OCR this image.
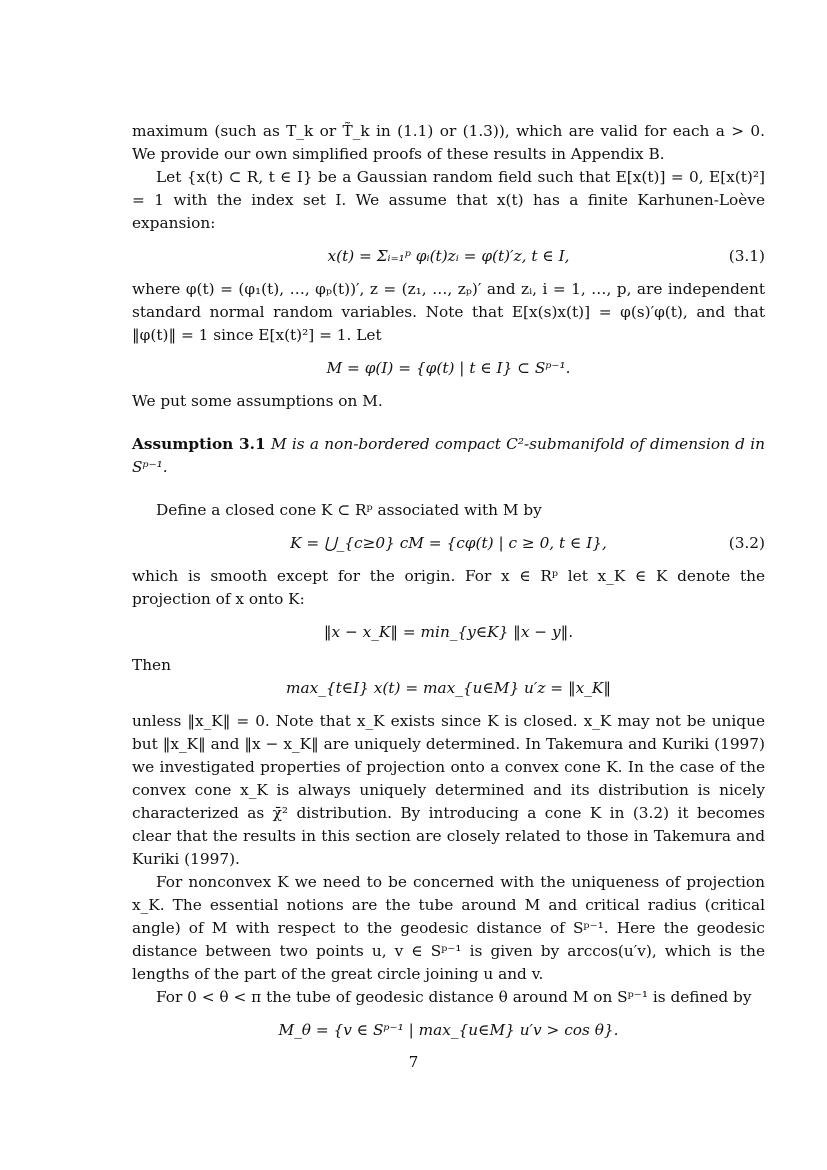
maximum (such as T_k or T̃_k in (1.1) or (1.3)), which are valid for each a > 0. We provide our own simplified proofs of these results in Appendix B.

Let {x(t) ⊂ R, t ∈ I} be a Gaussian random field such that E[x(t)] = 0, E[x(t)²] = 1 with the index set I. We assume that x(t) has a finite Karhunen-Loève expansion:

x(t) = Σᵢ₌₁ᵖ φᵢ(t)zᵢ = φ(t)′z, t ∈ I,	(3.1)

where φ(t) = (φ₁(t), …, φₚ(t))′, z = (z₁, …, zₚ)′ and zᵢ, i = 1, …, p, are independent standard normal random variables. Note that E[x(s)x(t)] = φ(s)′φ(t), and that ‖φ(t)‖ = 1 since E[x(t)²] = 1. Let

M = φ(I) = {φ(t) | t ∈ I} ⊂ Sᵖ⁻¹.

We put some assumptions on M.

Assumption 3.1 M is a non-bordered compact C²-submanifold of dimension d in Sᵖ⁻¹.

Define a closed cone K ⊂ Rᵖ associated with M by

K = ⋃_{c≥0} cM = {cφ(t) | c ≥ 0, t ∈ I},	(3.2)

which is smooth except for the origin. For x ∈ Rᵖ let x_K ∈ K denote the projection of x onto K:

‖x − x_K‖ = min_{y∈K} ‖x − y‖.

Then

max_{t∈I} x(t) = max_{u∈M} u′z = ‖x_K‖

unless ‖x_K‖ = 0. Note that x_K exists since K is closed. x_K may not be unique but ‖x_K‖ and ‖x − x_K‖ are uniquely determined. In Takemura and Kuriki (1997) we investigated properties of projection onto a convex cone K. In the case of the convex cone x_K is always uniquely determined and its distribution is nicely characterized as χ̄² distribution. By introducing a cone K in (3.2) it becomes clear that the results in this section are closely related to those in Takemura and Kuriki (1997).

For nonconvex K we need to be concerned with the uniqueness of projection x_K. The essential notions are the tube around M and critical radius (critical angle) of M with respect to the geodesic distance of Sᵖ⁻¹. Here the geodesic distance between two points u, v ∈ Sᵖ⁻¹ is given by arccos(u′v), which is the lengths of the part of the great circle joining u and v.

For 0 < θ < π the tube of geodesic distance θ around M on Sᵖ⁻¹ is defined by

M_θ = {v ∈ Sᵖ⁻¹ | max_{u∈M} u′v > cos θ}.
7
